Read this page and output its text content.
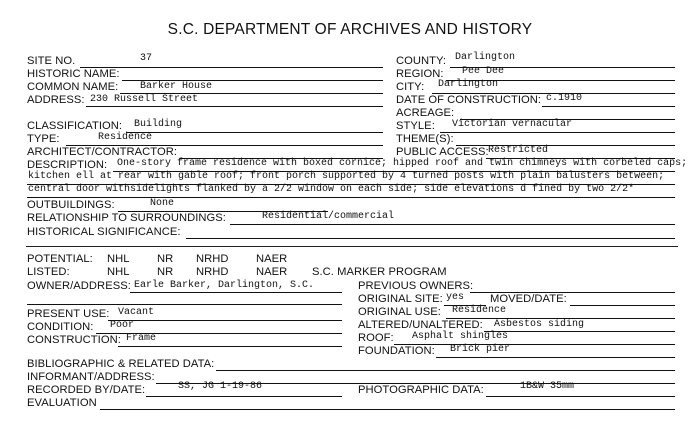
S.C. DEPARTMENT OF ARCHIVES AND HISTORY
SITE NO.	37
HISTORIC NAME:
COMMON NAME: Barker House
ADDRESS: 230 Russell Street
CLASSIFICATION: Building
TYPE:	Residence
ARCHITECT/CONTRACTOR:
COUNTY: Darlington
REGION: Pee Dee
CITY: Darlington
DATE OF CONSTRUCTION: c.1910
ACREAGE:
STYLE: Victorian vernacular
THEME(S):
PUBLIC ACCESS: Restricted
DESCRIPTION: One-story frame residence with boxed cornice; hipped roof and twin chimneys with corbeled caps;
kitchen ell at rear with gable roof; front porch supported by 4 turned posts with plain balusters between;
central door withsidelights flanked by a 2/2 window on each side; side elevations d fined by two 2/2*
OUTBUILDINGS:	None
RELATIONSHIP TO SURROUNDINGS:	Residential/commercial
HISTORICAL SIGNIFICANCE:
POTENTIAL: NHL NR NRHD NAER
LISTED:	NHL NR NRHD NAER S.C. MARKER PROGRAM
OWNER/ADDRESS: Earle Barker, Darlington, S.C.	PREVIOUS OWNERS:
ORIGINAL SITE: yes MOVED/DATE:
PRESENT USE: Vacant	ORIGINAL USE: Residence
CONDITION: Poor	ALTERED/UNALTERED: Asbestos siding
CONSTRUCTION: Frame	ROOF: Asphalt shingles
FOUNDATION: Brick pier
BIBLIOGRAPHIC & RELATED DATA:
INFORMANT/ADDRESS:
RECORDED BY/DATE:	SS, JG 1-19-86	PHOTOGRAPHIC DATA:	1B&W 35mm
EVALUATION
